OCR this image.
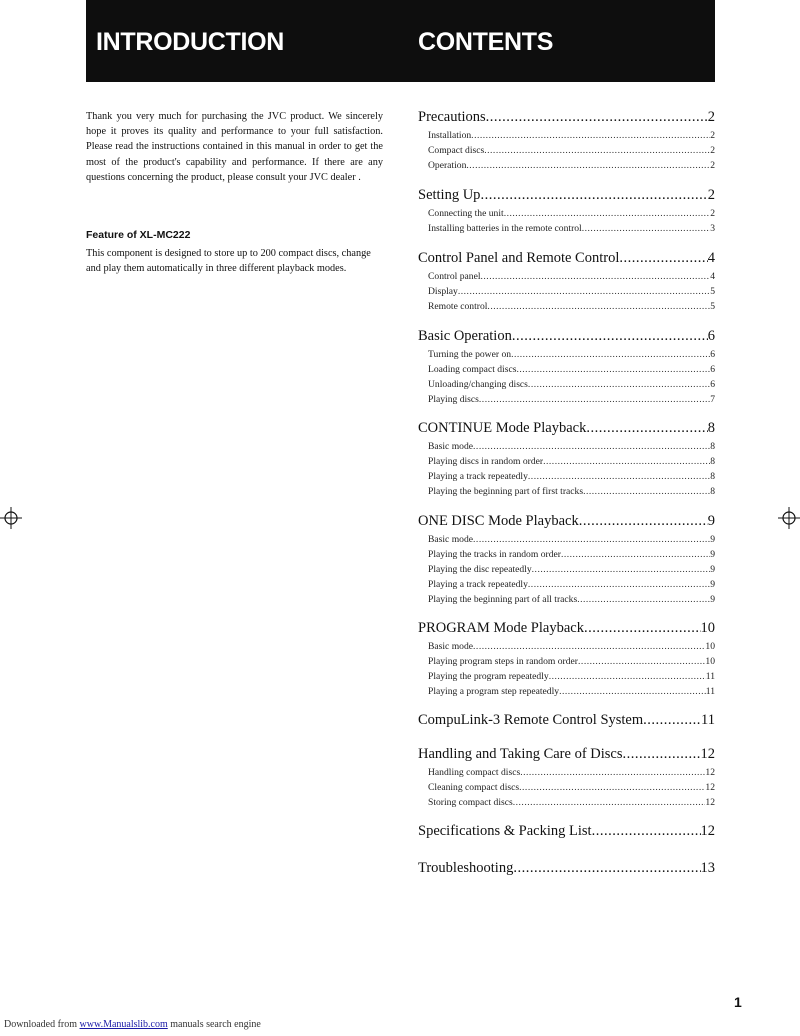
INTRODUCTION	CONTENTS

Thank you very much for purchasing the JVC product. We sincerely hope it proves its quality and performance to your full satisfaction. Please read the instructions contained in this manual in order to get the most of the product's capability and performance. If there are any questions concerning the product, please consult your JVC dealer .

Feature of XL-MC222

This component is designed to store up to 200 compact discs, change and play them automatically in three different playback modes.

Precautions .....	2
Installation .....	2
Compact discs .....	2
Operation .....	2
Setting Up .....	2
Connecting the unit .....	2
Installing batteries in the remote control .....	3
Control Panel and Remote Control .....	4
Control panel .....	4
Display .....	5
Remote control .....	5
Basic Operation .....	6
Turning the power on .....	6
Loading compact discs .....	6
Unloading/changing discs .....	6
Playing discs .....	7
CONTINUE Mode Playback .....	8
Basic mode .....	8
Playing discs in random order .....	8
Playing a track repeatedly .....	8
Playing the beginning part of first tracks .....	8
ONE DISC Mode Playback .....	9
Basic mode .....	9
Playing the tracks in random order .....	9
Playing the disc repeatedly .....	9
Playing a track repeatedly .....	9
Playing the beginning part of all tracks .....	9
PROGRAM Mode Playback .....	10
Basic mode .....	10
Playing program steps in random order .....	10
Playing the program repeatedly .....	11
Playing a program step repeatedly .....	11
CompuLink-3 Remote Control System .....	11
Handling and Taking Care of Discs .....	12
Handling compact discs .....	12
Cleaning compact discs .....	12
Storing compact discs .....	12
Specifications & Packing List .....	12
Troubleshooting .....	13
1
Downloaded from www.Manualslib.com manuals search engine
